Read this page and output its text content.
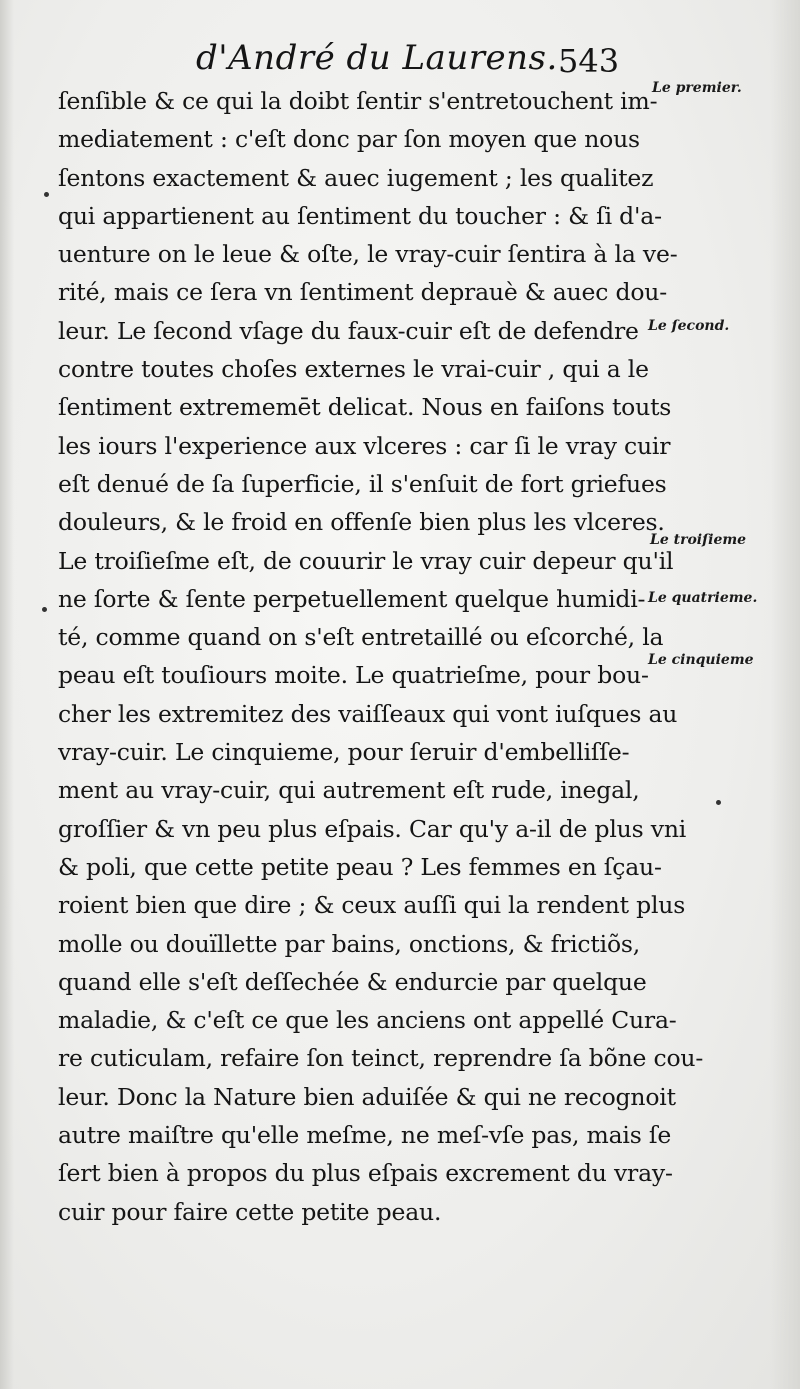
d'André du Laurens. 543
ſenſible & ce qui la doibt ſentir s'entretouchent im-
mediatement : c'eſt donc par ſon moyen que nous
ſentons exactement & auec iugement ; les qualitez
qui appartienent au ſentiment du toucher : & ſi d'a-
uenture on le leue & oſte, le vray-cuir ſentira à la ve-
rité, mais ce ſera vn ſentiment deprauè & auec dou-
leur. Le ſecond vſage du faux-cuir eſt de defendre
contre toutes choſes externes le vrai-cuir , qui a le
ſentiment extrememēt delicat. Nous en faiſons touts
les iours l'experience aux vlceres : car ſi le vray cuir
eſt denué de ſa ſuperficie, il s'enſuit de fort griefues
douleurs, & le froid en offenſe bien plus les vlceres.
Le troiſieſme eſt, de couurir le vray cuir depeur qu'il
ne ſorte & ſente perpetuellement quelque humidi-
té, comme quand on s'eſt entretaillé ou eſcorché, la
peau eſt touſiours moite. Le quatrieſme, pour bou-
cher les extremitez des vaiſſeaux qui vont iuſques au
vray-cuir. Le cinquieme, pour ſeruir d'embelliſſe-
ment au vray-cuir, qui autrement eſt rude, inegal,
groſſier & vn peu plus eſpais. Car qu'y a-il de plus vni
& poli, que cette petite peau ? Les femmes en ſçau-
roient bien que dire ; & ceux auſſi qui la rendent plus
molle ou douïllette par bains, onctions, & frictiõs,
quand elle s'eſt deſſechée & endurcie par quelque
maladie, & c'eſt ce que les anciens ont appellé Cura-
re cuticulam, refaire ſon teinct, reprendre ſa bõne cou-
leur. Donc la Nature bien aduiſée & qui ne recognoit
autre maiſtre qu'elle meſme, ne meſ-vſe pas, mais ſe
ſert bien à propos du plus eſpais excrement du vray-
cuir pour faire cette petite peau.
Le premier.
Le ſecond.
Le troiſieme
Le quatrieme.
Le cinquieme
